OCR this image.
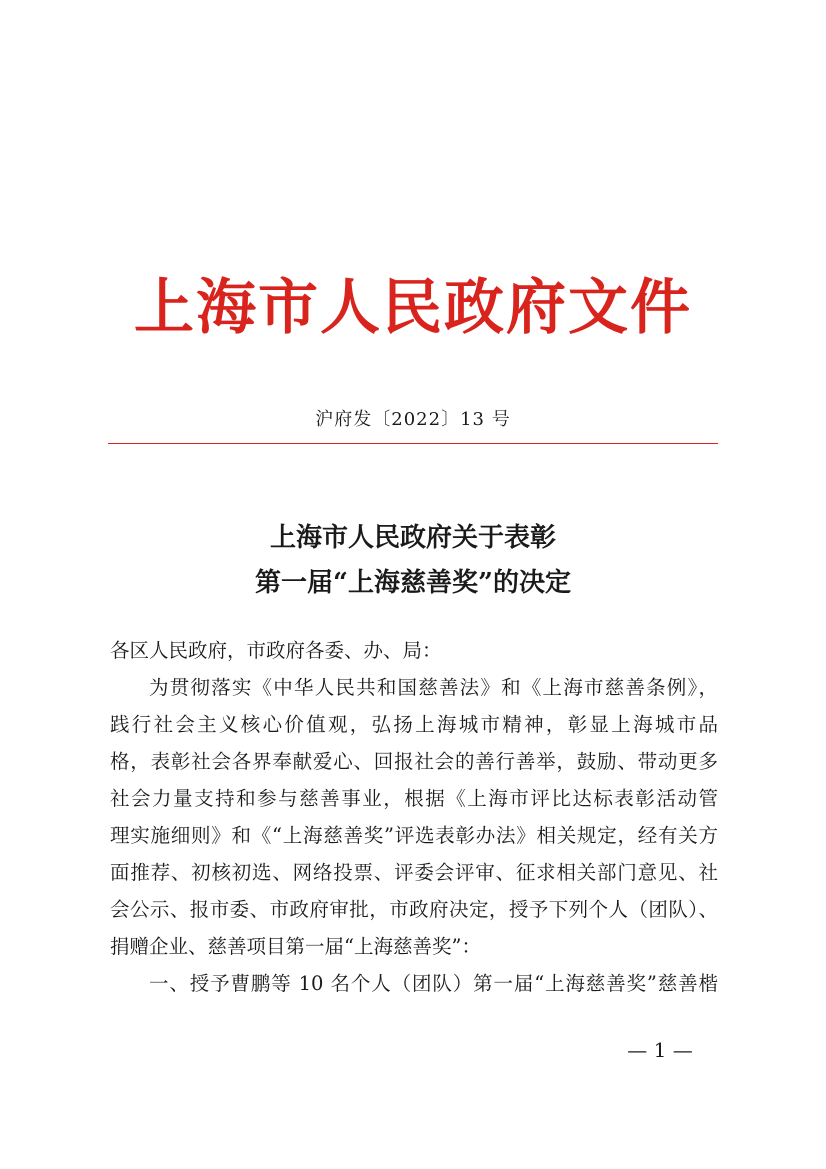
上海市人民政府文件
沪府发〔2022〕13 号
上海市人民政府关于表彰
第一届“上海慈善奖”的决定
各区人民政府，市政府各委、办、局：
为贯彻落实《中华人民共和国慈善法》和《上海市慈善条例》，
践行社会主义核心价值观，弘扬上海城市精神，彰显上海城市品
格，表彰社会各界奉献爱心、回报社会的善行善举，鼓励、带动更多
社会力量支持和参与慈善事业，根据《上海市评比达标表彰活动管
理实施细则》和《“上海慈善奖”评选表彰办法》相关规定，经有关方
面推荐、初核初选、网络投票、评委会评审、征求相关部门意见、社
会公示、报市委、市政府审批，市政府决定，授予下列个人（团队）、
捐赠企业、慈善项目第一届“上海慈善奖”：
一、授予曹鹏等 10 名个人（团队）第一届“上海慈善奖”慈善楷
— 1 —
